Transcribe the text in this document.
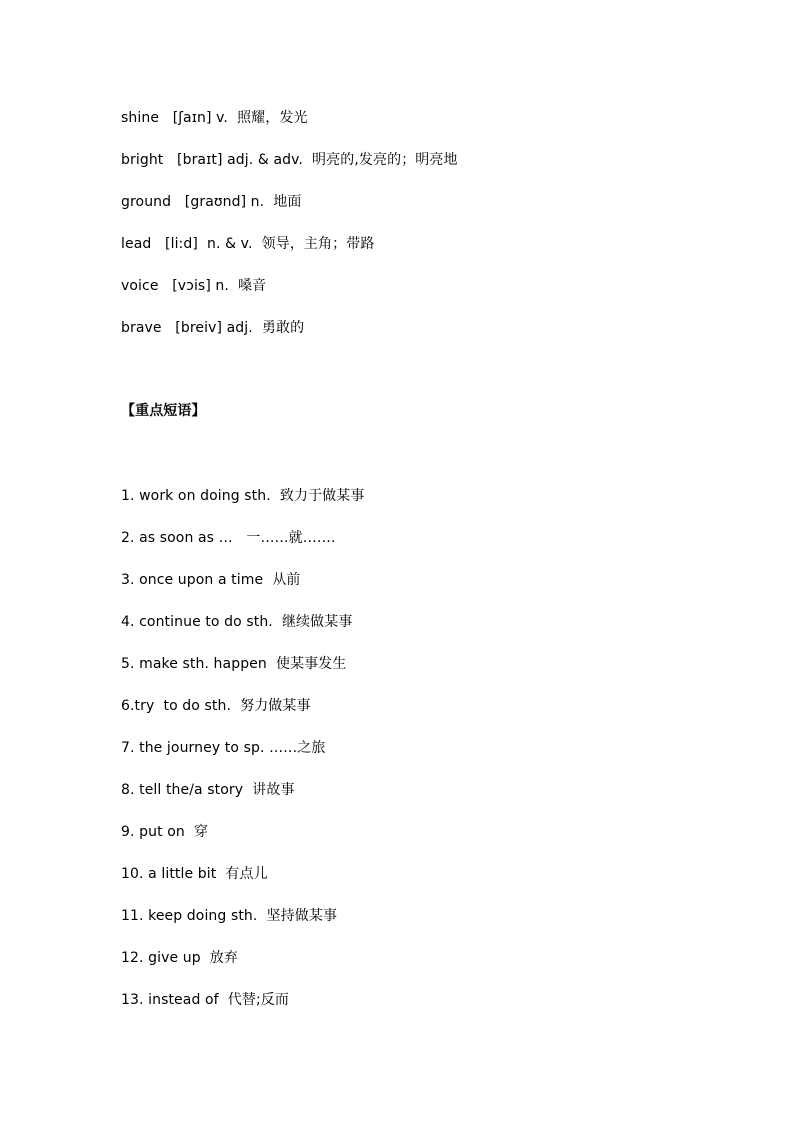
shine   [ʃaɪn] v.  照耀，发光
bright   [braɪt] adj. & adv.  明亮的,发亮的；明亮地
ground   [graʊnd] n.  地面
lead   [li:d]  n. & v.  领导，主角；带路
voice   [vɔis] n.  嗓音
brave   [breiv] adj.  勇敢的
【重点短语】
1. work on doing sth.  致力于做某事
2. as soon as …   一……就…….
3. once upon a time  从前
4. continue to do sth.  继续做某事
5. make sth. happen  使某事发生
6.try  to do sth.  努力做某事
7. the journey to sp. ……之旅
8. tell the/a story  讲故事
9. put on  穿
10. a little bit  有点儿
11. keep doing sth.  坚持做某事
12. give up  放弃
13. instead of  代替;反而
